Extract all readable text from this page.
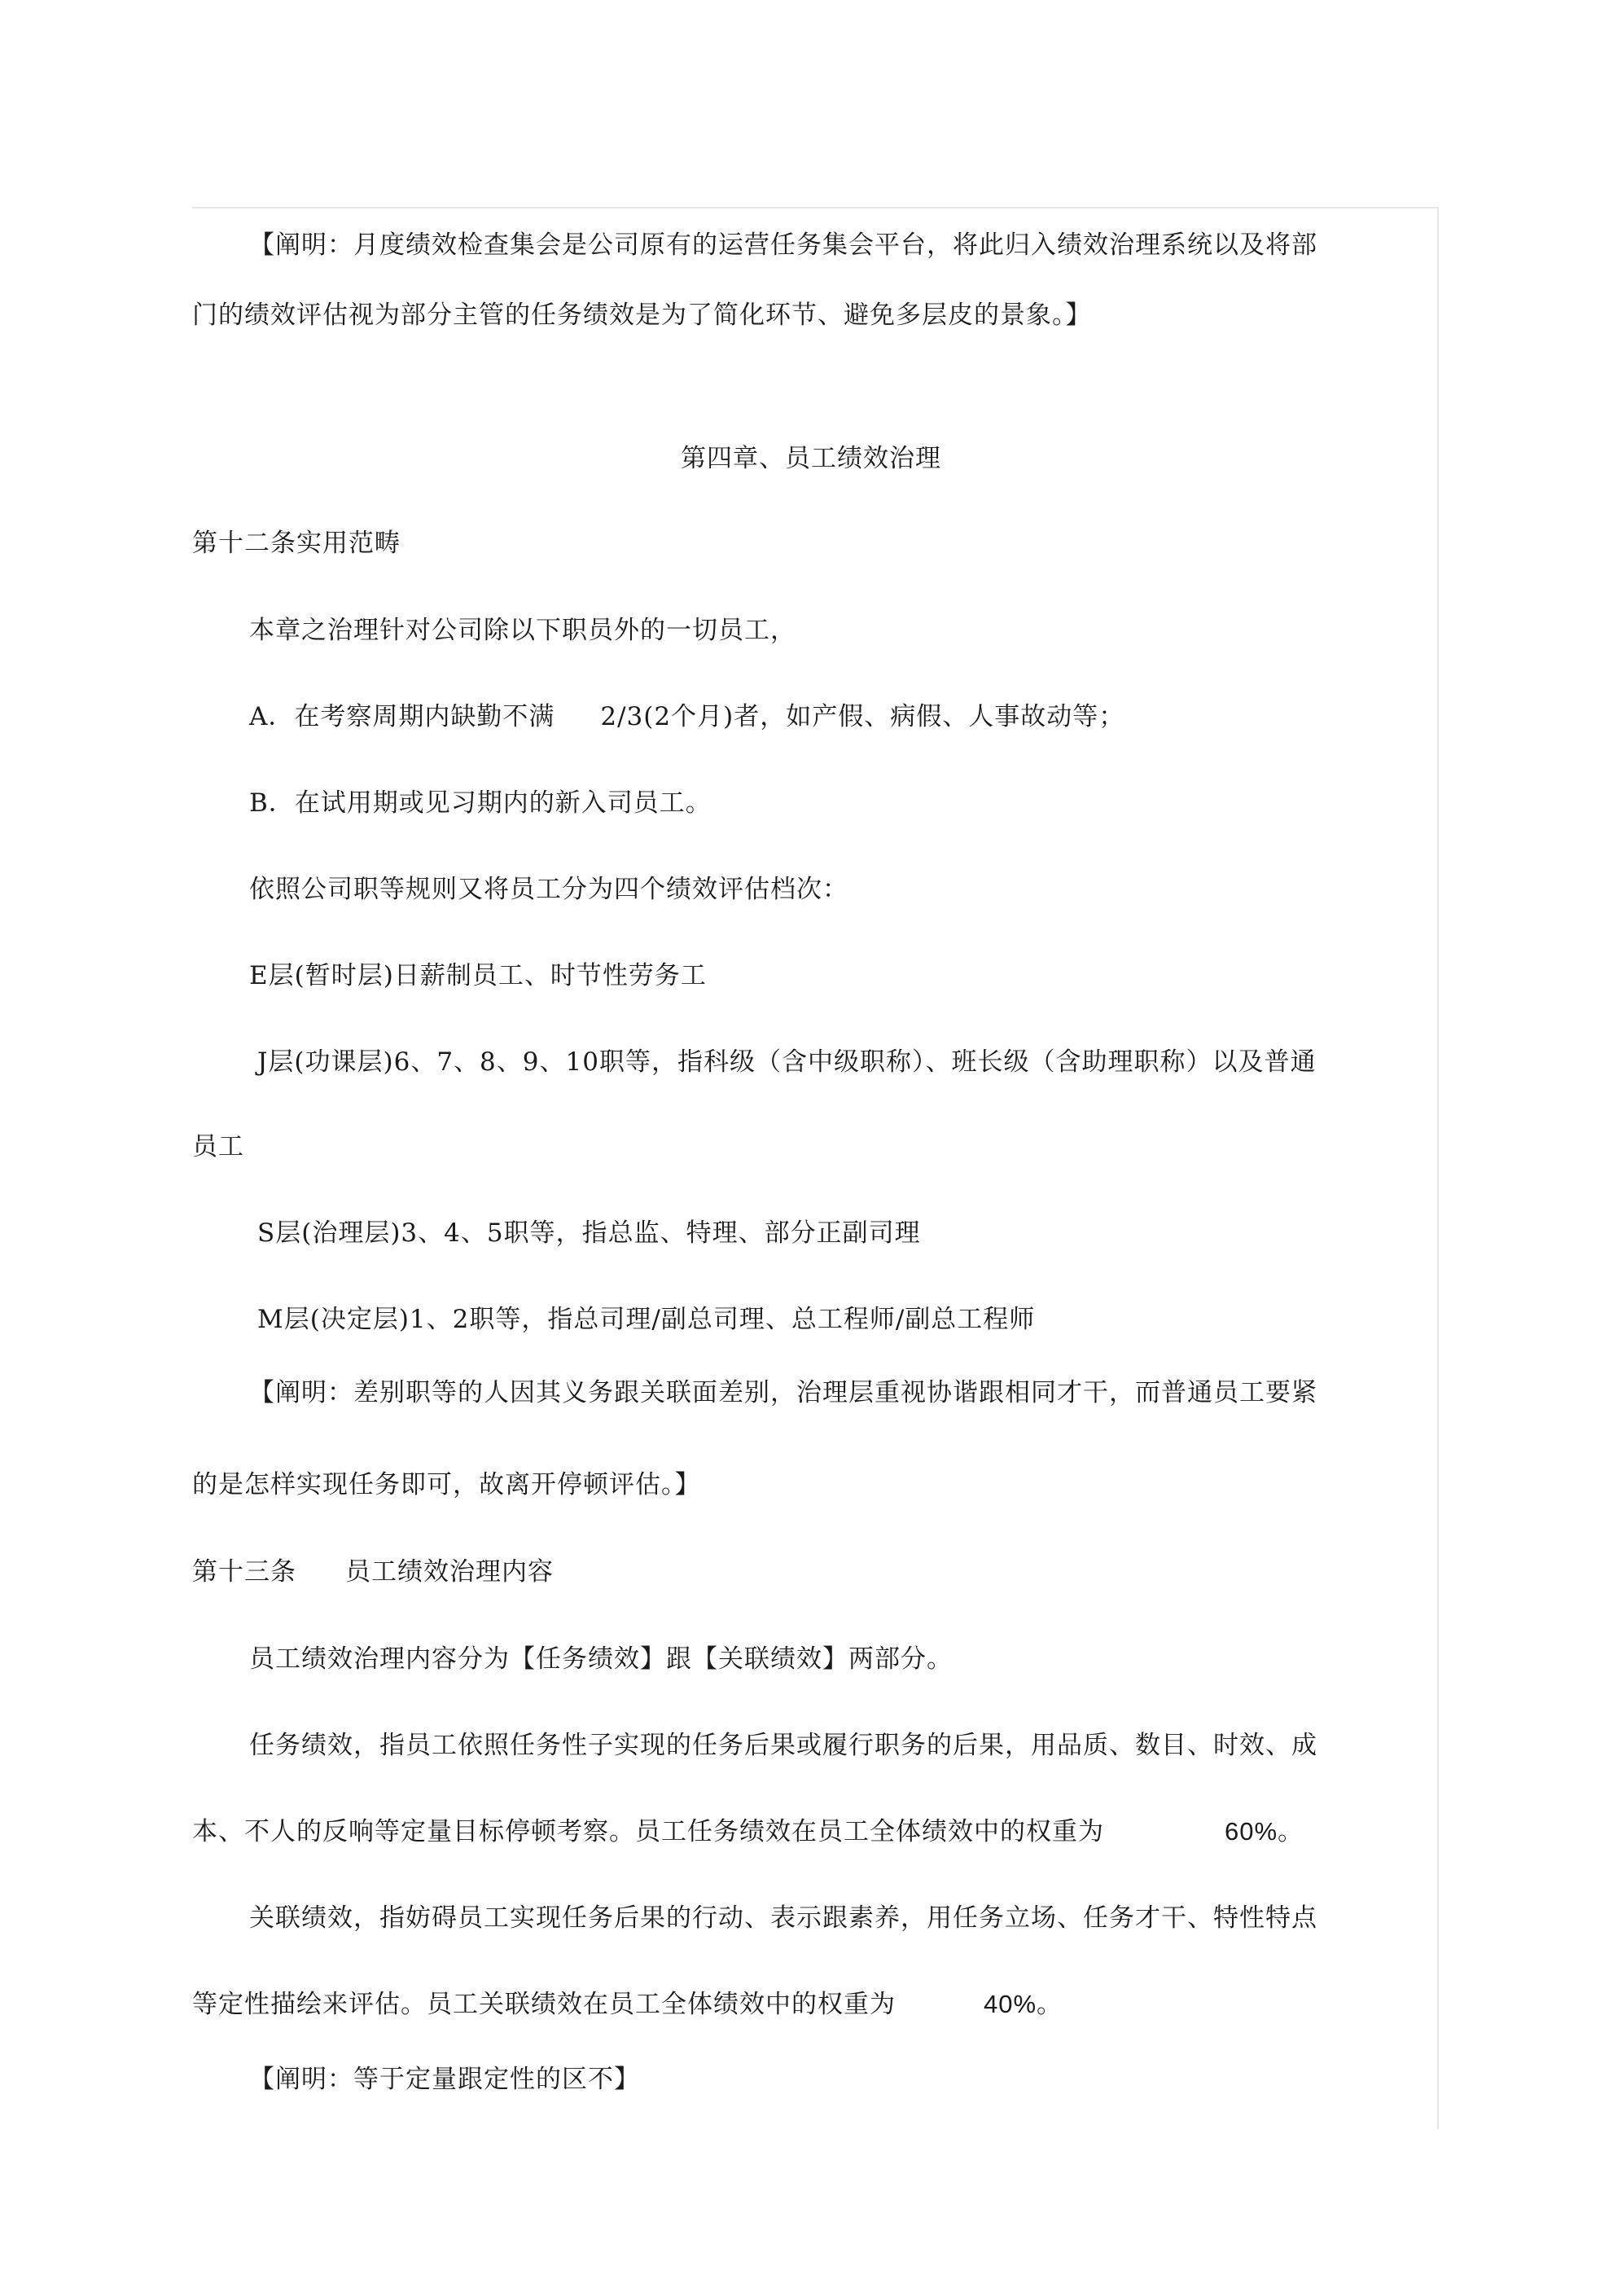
【阐明：月度绩效检查集会是公司原有的运营任务集会平台，将此归入绩效治理系统以及将部
门的绩效评估视为部分主管的任务绩效是为了简化环节、避免多层皮的景象。】
第四章、员工绩效治理
第十二条实用范畴
本章之治理针对公司除以下职员外的一切员工，
A．在考察周期内缺勤不满 2/3(2个月)者，如产假、病假、人事故动等；
B．在试用期或见习期内的新入司员工。
依照公司职等规则又将员工分为四个绩效评估档次：
E层(暂时层)日薪制员工、时节性劳务工
J层(功课层)6、7、8、9、10职等，指科级（含中级职称）、班长级（含助理职称）以及普通
员工
S层(治理层)3、4、5职等，指总监、特理、部分正副司理
M层(决定层)1、2职等，指总司理/副总司理、总工程师/副总工程师
【阐明：差别职等的人因其义务跟关联面差别，治理层重视协谐跟相同才干，而普通员工要紧
的是怎样实现任务即可，故离开停顿评估。】
第十三条 员工绩效治理内容
员工绩效治理内容分为【任务绩效】跟【关联绩效】两部分。
任务绩效，指员工依照任务性子实现的任务后果或履行职务的后果，用品质、数目、时效、成
本、不人的反响等定量目标停顿考察。员工任务绩效在员工全体绩效中的权重为	60%。
关联绩效，指妨碍员工实现任务后果的行动、表示跟素养，用任务立场、任务才干、特性特点
等定性描绘来评估。员工关联绩效在员工全体绩效中的权重为	40%。
【阐明：等于定量跟定性的区不】
